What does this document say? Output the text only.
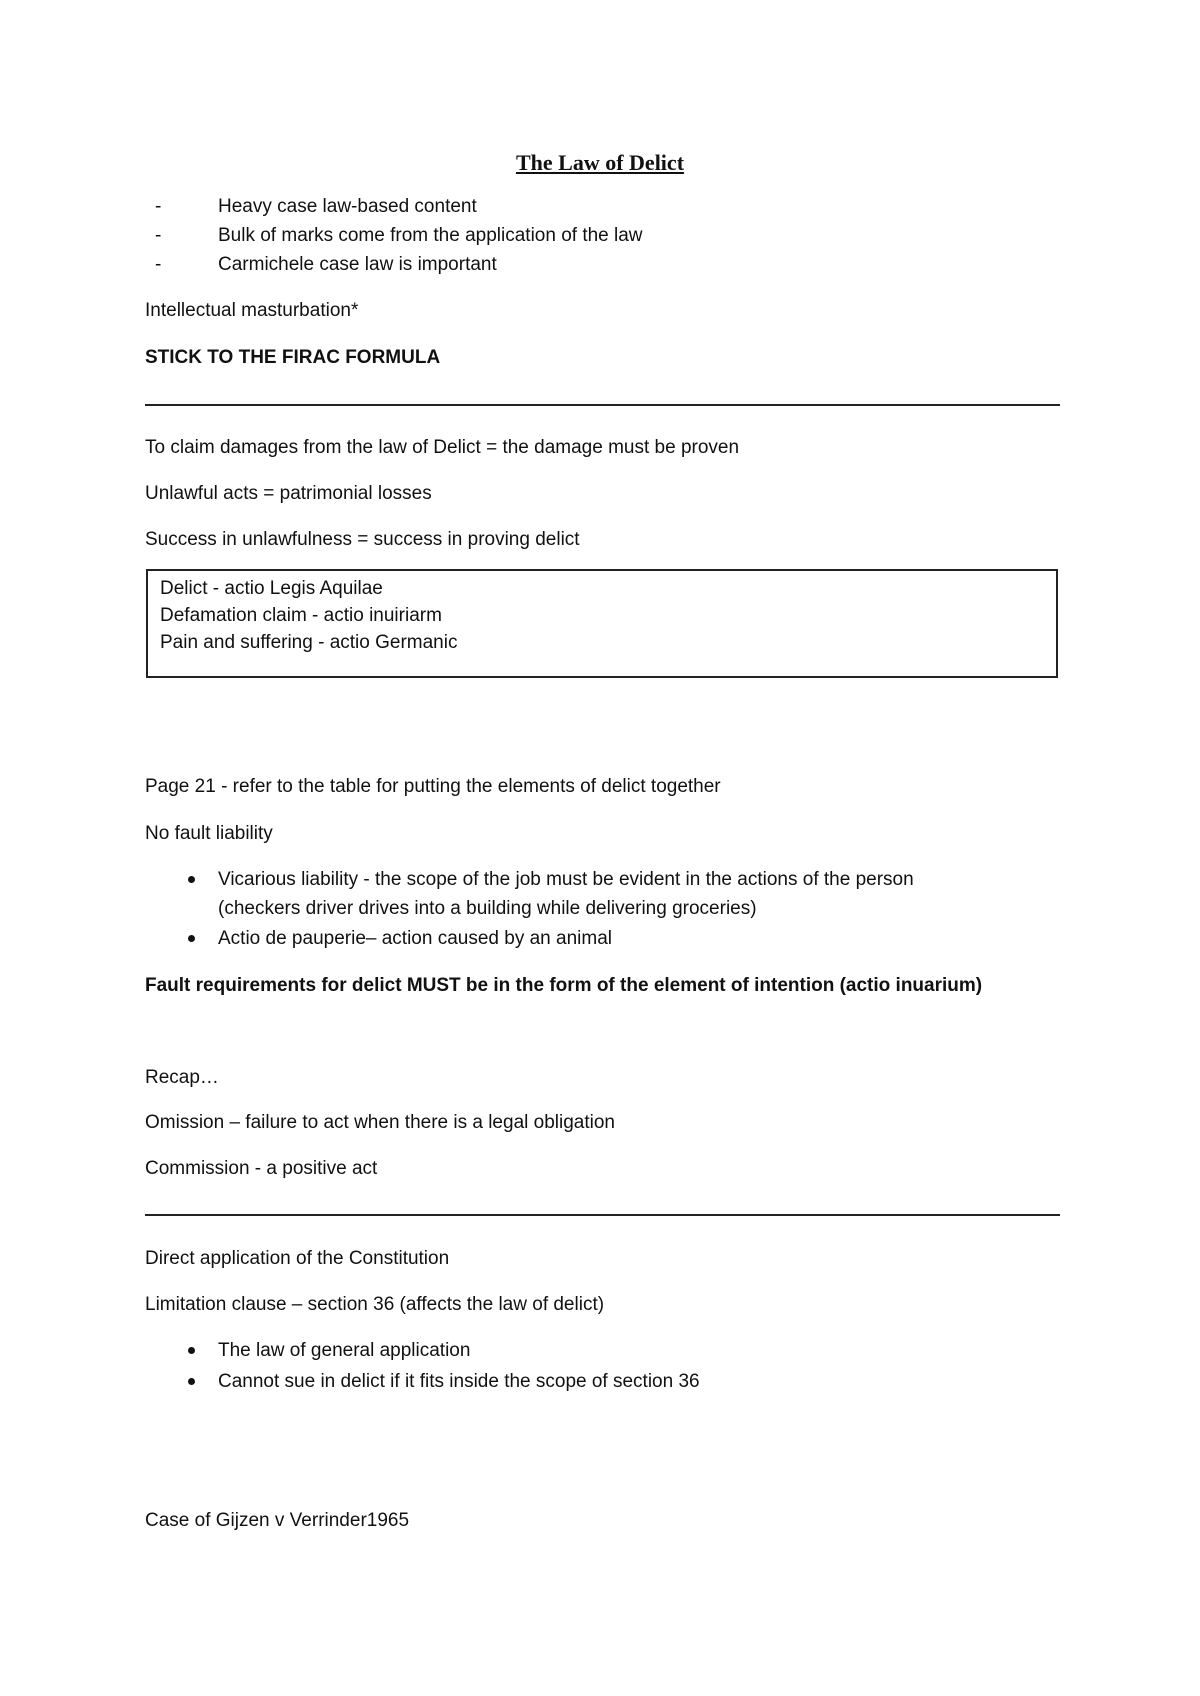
The Law of Delict
-	Heavy case law-based content
-	Bulk of marks come from the application of the law
-	Carmichele case law is important
Intellectual masturbation*
STICK TO THE FIRAC FORMULA
To claim damages from the law of Delict = the damage must be proven
Unlawful acts = patrimonial losses
Success in unlawfulness = success in proving delict
Delict - actio Legis Aquilae
Defamation claim - actio inuiriarm
Pain and suffering - actio Germanic
Page 21 - refer to the table for putting the elements of delict together
No fault liability
Vicarious liability - the scope of the job must be evident in the actions of the person
(checkers driver drives into a building while delivering groceries)
Actio de pauperie– action caused by an animal
Fault requirements for delict MUST be in the form of the element of intention (actio inuarium)
Recap…
Omission – failure to act when there is a legal obligation
Commission - a positive act
Direct application of the Constitution
Limitation clause – section 36 (affects the law of delict)
The law of general application
Cannot sue in delict if it fits inside the scope of section 36
Case of Gijzen v Verrinder1965
